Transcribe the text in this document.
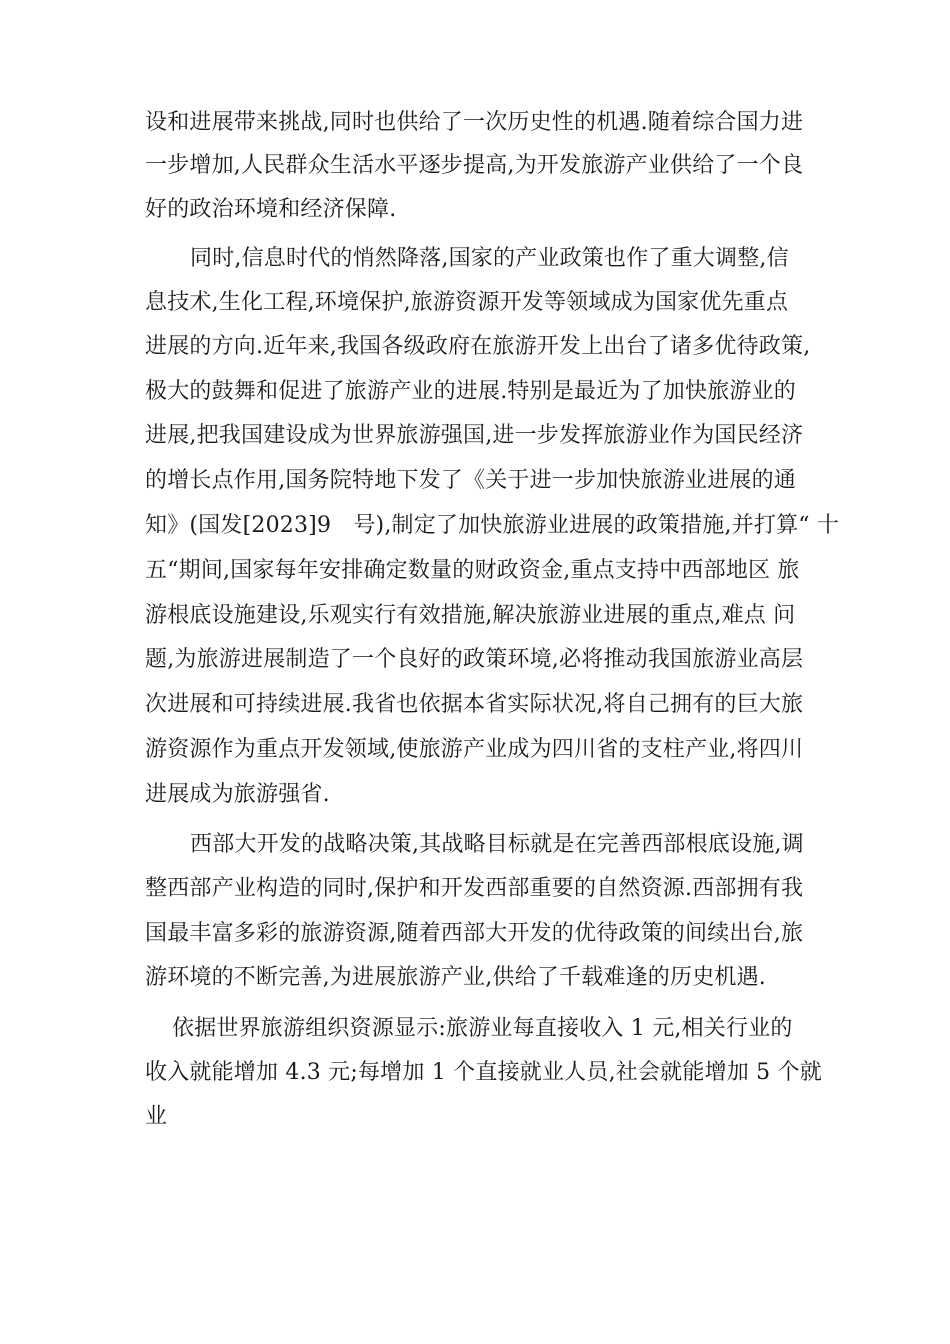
设和进展带来挑战,同时也供给了一次历史性的机遇.随着综合国力进
一步增加,人民群众生活水平逐步提高,为开发旅游产业供给了一个良
好的政治环境和经济保障.
同时,信息时代的悄然降落,国家的产业政策也作了重大调整,信
息技术,生化工程,环境保护,旅游资源开发等领域成为国家优先重点
进展的方向.近年来,我国各级政府在旅游开发上出台了诸多优待政策,
极大的鼓舞和促进了旅游产业的进展.特别是最近为了加快旅游业的
进展,把我国建设成为世界旅游强国,进一步发挥旅游业作为国民经济
的增长点作用,国务院特地下发了《关于进一步加快旅游业进展的通
知》(国发[2023]9　号),制定了加快旅游业进展的政策措施,并打算“ 十
五“期间,国家每年安排确定数量的财政资金,重点支持中西部地区 旅
游根底设施建设,乐观实行有效措施,解决旅游业进展的重点,难点 问
题,为旅游进展制造了一个良好的政策环境,必将推动我国旅游业高层
次进展和可持续进展.我省也依据本省实际状况,将自己拥有的巨大旅
游资源作为重点开发领域,使旅游产业成为四川省的支柱产业,将四川
进展成为旅游强省.
西部大开发的战略决策,其战略目标就是在完善西部根底设施,调
整西部产业构造的同时,保护和开发西部重要的自然资源.西部拥有我
国最丰富多彩的旅游资源,随着西部大开发的优待政策的间续出台,旅
游环境的不断完善,为进展旅游产业,供给了千载难逢的历史机遇.
依据世界旅游组织资源显示:旅游业每直接收入 1 元,相关行业的
收入就能增加 4.3 元;每增加 1 个直接就业人员,社会就能增加 5 个就
业
